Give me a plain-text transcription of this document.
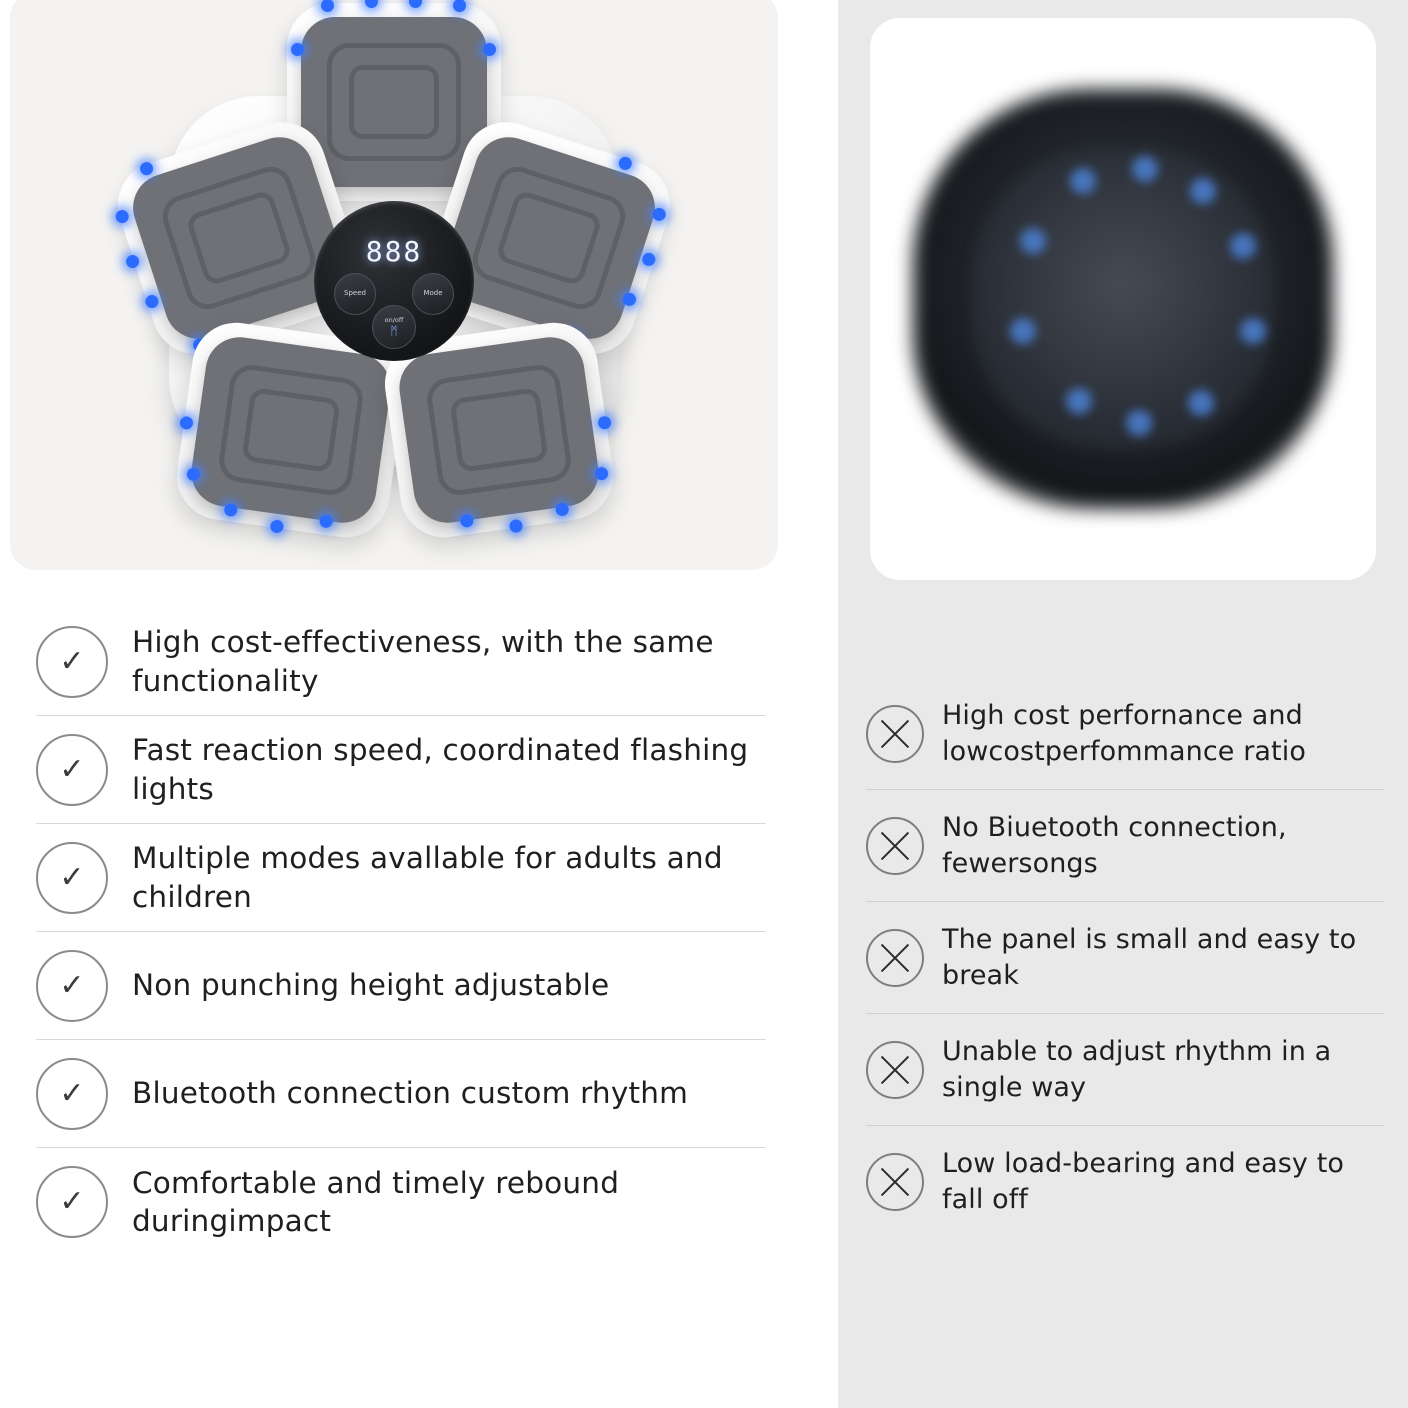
888
Speed	Mode
on/off
ᛗ
✓
High cost-effectiveness, with the same functionality
✓
Fast reaction speed, coordinated flashing lights
✓
Multiple modes avallable for adults and children
✓	Non punching height adjustable
✓	Bluetooth connection custom rhythm
✓
Comfortable and timely rebound duringimpact
High cost perfornance and lowcostperfommance ratio
No Biuetooth connection, fewersongs
The panel is small and easy to break
Unable to adjust rhythm in a single way
Low load-bearing and easy to fall off
